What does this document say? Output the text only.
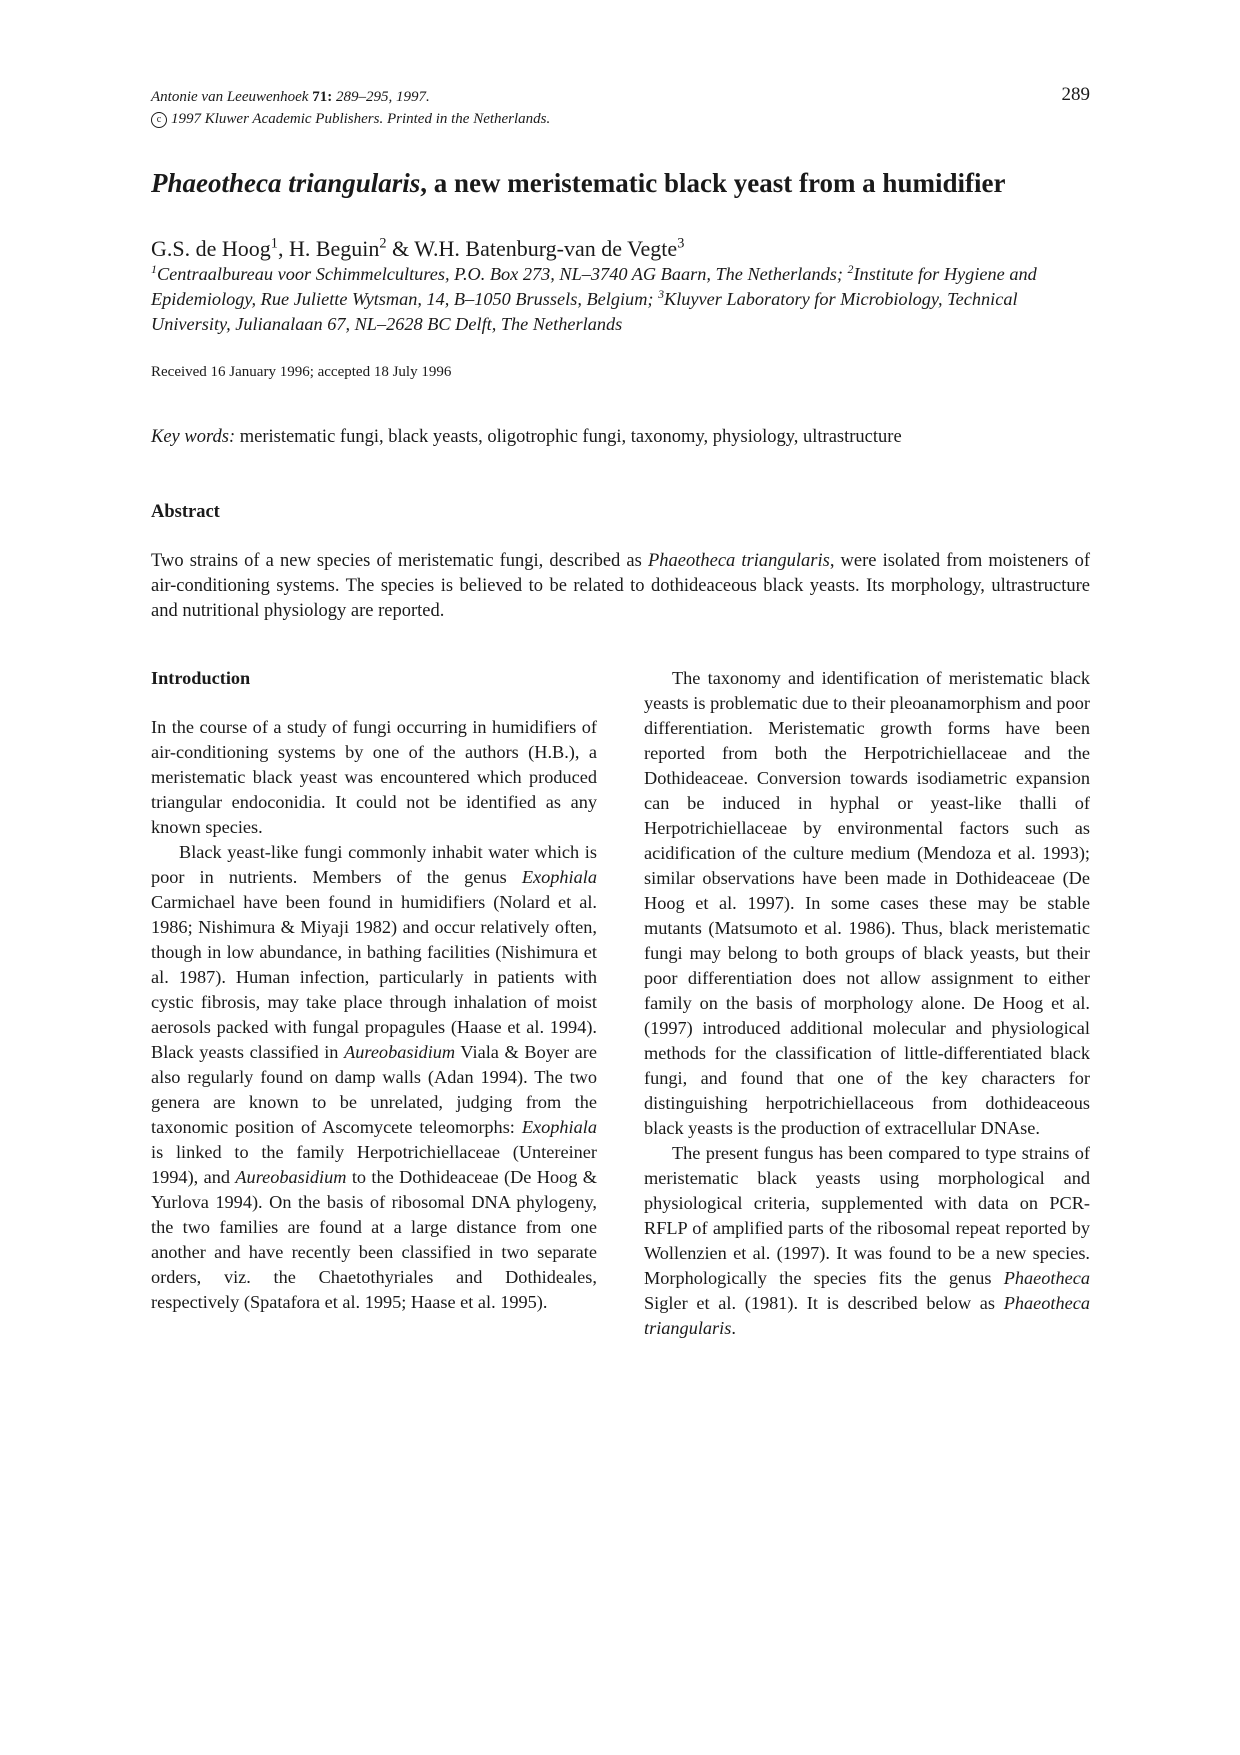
Antonie van Leeuwenhoek 71: 289–295, 1997.
c 1997 Kluwer Academic Publishers. Printed in the Netherlands.
289
Phaeotheca triangularis, a new meristematic black yeast from a humidifier
G.S. de Hoog$^1$, H. Beguin$^2$ & W.H. Batenburg-van de Vegte$^3$
$^1$Centraalbureau voor Schimmelcultures, P.O. Box 273, NL–3740 AG Baarn, The Netherlands; $^2$Institute for Hygiene and Epidemiology, Rue Juliette Wytsman, 14, B–1050 Brussels, Belgium; $^3$Kluyver Laboratory for Microbiology, Technical University, Julianalaan 67, NL–2628 BC Delft, The Netherlands
Received 16 January 1996; accepted 18 July 1996
Key words: meristematic fungi, black yeasts, oligotrophic fungi, taxonomy, physiology, ultrastructure
Abstract
Two strains of a new species of meristematic fungi, described as Phaeotheca triangularis, were isolated from moisteners of air-conditioning systems. The species is believed to be related to dothideaceous black yeasts. Its morphology, ultrastructure and nutritional physiology are reported.
Introduction

In the course of a study of fungi occurring in humidifiers of air-conditioning systems by one of the authors (H.B.), a meristematic black yeast was encountered which produced triangular endoconidia. It could not be identified as any known species.

Black yeast-like fungi commonly inhabit water which is poor in nutrients. Members of the genus Exophiala Carmichael have been found in humidifiers (Nolard et al. 1986; Nishimura & Miyaji 1982) and occur relatively often, though in low abundance, in bathing facilities (Nishimura et al. 1987). Human infection, particularly in patients with cystic fibrosis, may take place through inhalation of moist aerosols packed with fungal propagules (Haase et al. 1994). Black yeasts classified in Aureobasidium Viala & Boyer are also regularly found on damp walls (Adan 1994). The two genera are known to be unrelated, judging from the taxonomic position of Ascomycete teleomorphs: Exophiala is linked to the family Herpotrichiellaceae (Untereiner 1994), and Aureobasidium to the Dothideaceae (De Hoog & Yurlova 1994). On the basis of ribosomal DNA phylogeny, the two families are found at a large distance from one another and have recently been classified in two separate orders, viz. the Chaetothyriales and Dothideales, respectively (Spatafora et al. 1995; Haase et al. 1995).

The taxonomy and identification of meristematic black yeasts is problematic due to their pleoanamorphism and poor differentiation. Meristematic growth forms have been reported from both the Herpotrichiellaceae and the Dothideaceae. Conversion towards isodiametric expansion can be induced in hyphal or yeast-like thalli of Herpotrichiellaceae by environmental factors such as acidification of the culture medium (Mendoza et al. 1993); similar observations have been made in Dothideaceae (De Hoog et al. 1997). In some cases these may be stable mutants (Matsumoto et al. 1986). Thus, black meristematic fungi may belong to both groups of black yeasts, but their poor differentiation does not allow assignment to either family on the basis of morphology alone. De Hoog et al. (1997) introduced additional molecular and physiological methods for the classification of little-differentiated black fungi, and found that one of the key characters for distinguishing herpotrichiellaceous from dothideaceous black yeasts is the production of extracellular DNAse.

The present fungus has been compared to type strains of meristematic black yeasts using morphological and physiological criteria, supplemented with data on PCR-RFLP of amplified parts of the ribosomal repeat reported by Wollenzien et al. (1997). It was found to be a new species. Morphologically the species fits the genus Phaeotheca Sigler et al. (1981). It is described below as Phaeotheca triangularis.
